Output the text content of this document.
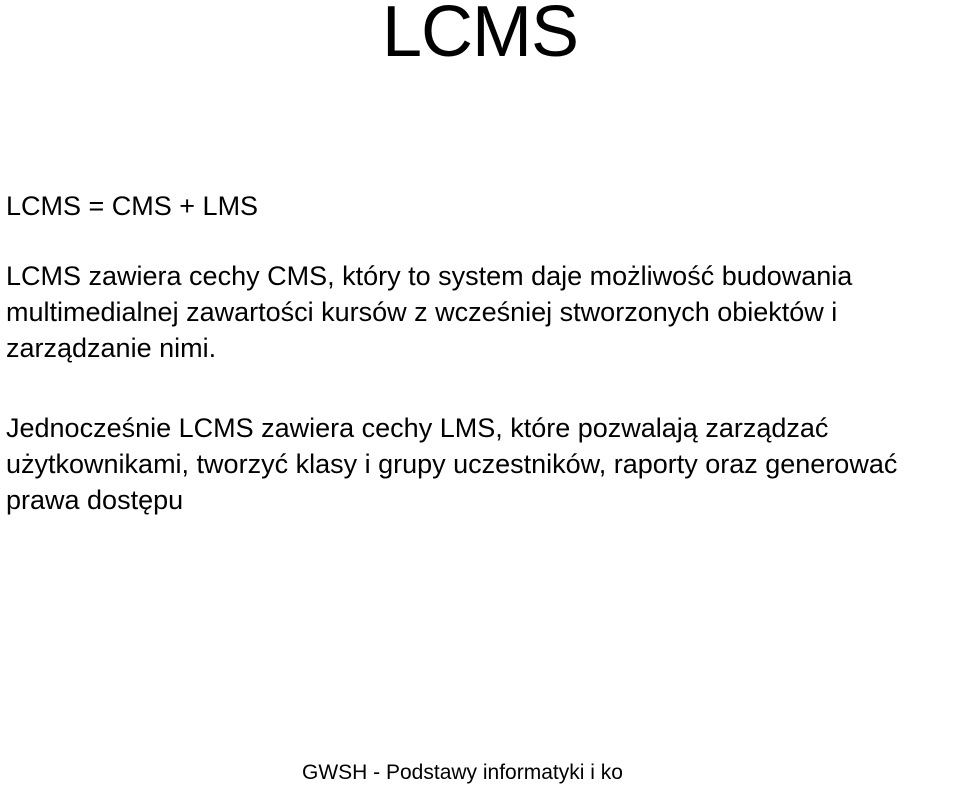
LCMS

LCMS = CMS + LMS

LCMS zawiera cechy CMS, który to system daje możliwość budowania multimedialnej zawartości kursów z wcześniej stworzonych obiektów i zarządzanie nimi.

Jednocześnie LCMS zawiera cechy LMS, które pozwalają zarządzać użytkownikami, tworzyć klasy i grupy uczestników, raporty oraz generować prawa dostępu

GWSH - Podstawy informatyki i ko
